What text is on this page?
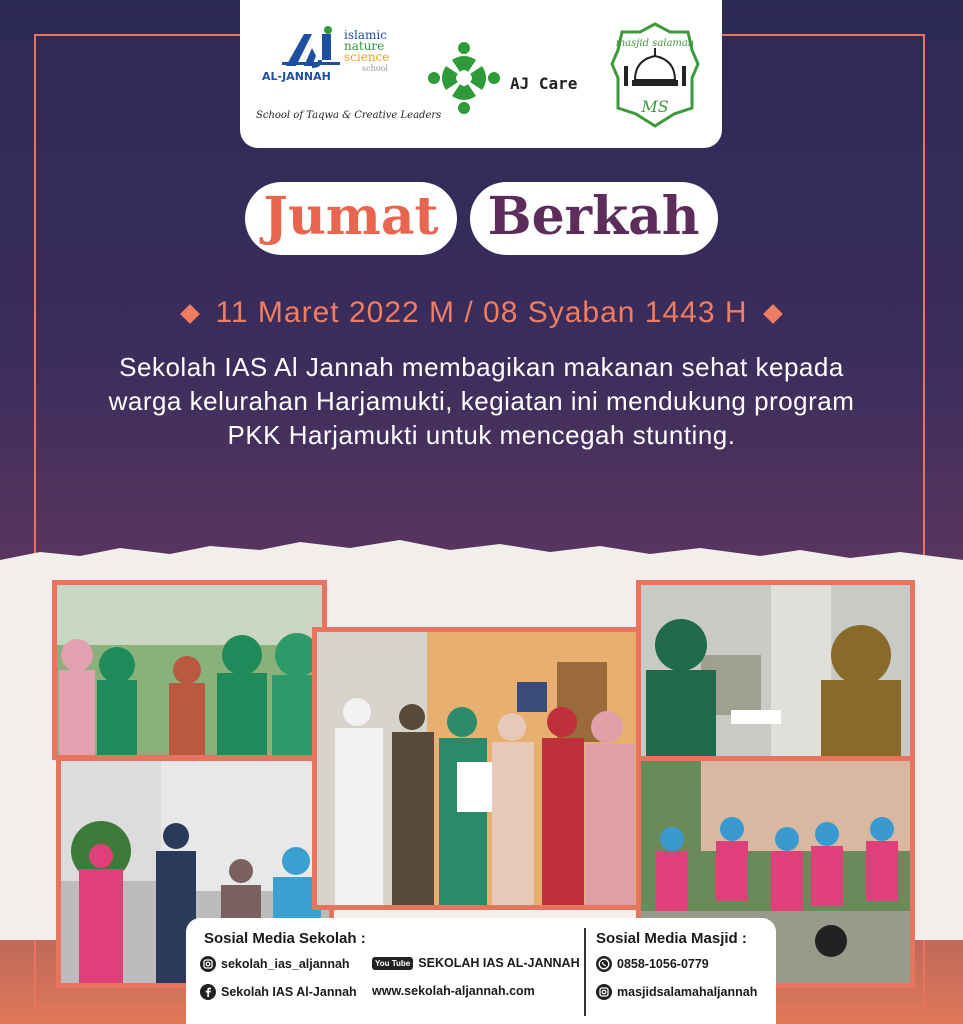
AL-JANNAH
islamic
nature
science
school
School of Taqwa & Creative Leaders
AJ Care
MS
masjid salamah
Jumat Berkah
11 Maret 2022 M / 08 Syaban 1443 H
Sekolah IAS Al Jannah membagikan makanan sehat kepada warga kelurahan Harjamukti, kegiatan ini mendukung program PKK Harjamukti untuk mencegah stunting.
Sosial Media Sekolah :
sekolah_ias_aljannah	You Tube SEKOLAH IAS AL-JANNAH
Sekolah IAS Al-Jannah www.sekolah-aljannah.com
Sosial Media Masjid :
0858-1056-0779
masjidsalamahaljannah
